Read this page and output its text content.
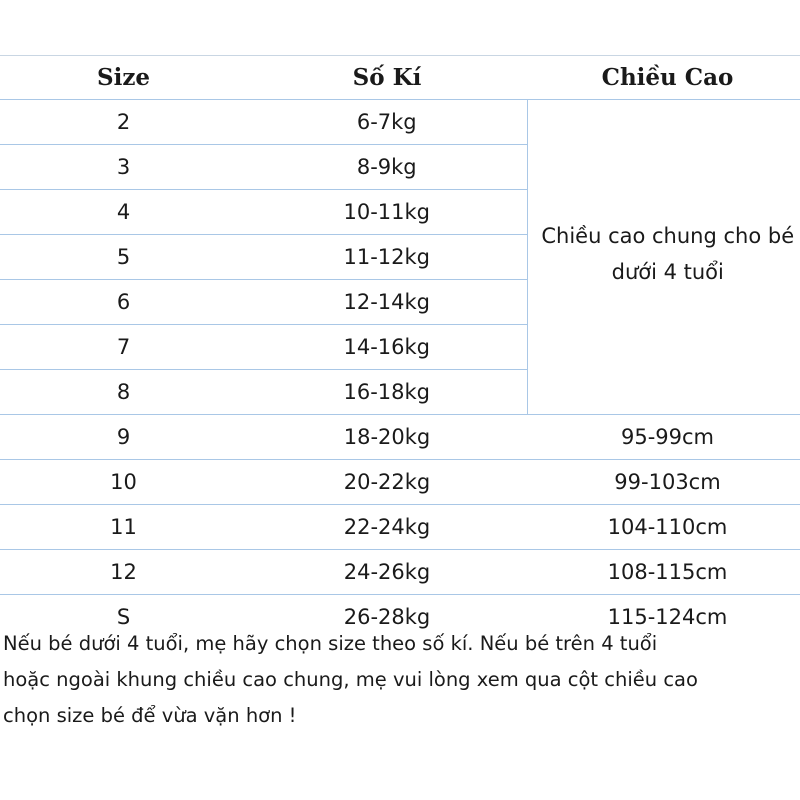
Size	Số Kí	Chiều Cao
2	6-7kg	Chiều cao chung cho bé
dưới 4 tuổi

3	8-9kg	
4	10-11kg	
5	11-12kg	
6	12-14kg	
7	14-16kg	
8	16-18kg	
9	18-20kg	95-99cm
10	20-22kg	99-103cm
11	22-24kg	104-110cm
12	24-26kg	108-115cm
S	26-28kg	115-124cm
Nếu bé dưới 4 tuổi, mẹ hãy chọn size theo số kí. Nếu bé trên 4 tuổi
hoặc ngoài khung chiều cao chung, mẹ vui lòng xem qua cột chiều cao
chọn size bé để vừa vặn hơn !
